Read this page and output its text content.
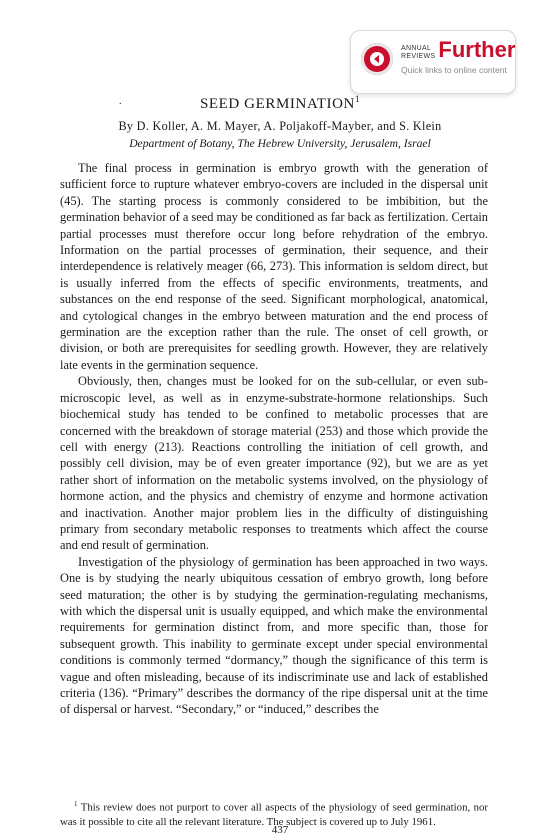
ANNUAL REVIEWS Further
Quick links to online content
.	SEED GERMINATION$^1$
By D. Koller, A. M. Mayer, A. Poljakoff-Mayber, and S. Klein
Department of Botany, The Hebrew University, Jerusalem, Israel

The final process in germination is embryo growth with the generation of sufficient force to rupture whatever embryo-covers are included in the dispersal unit (45). The starting process is commonly considered to be imbibition, but the germination behavior of a seed may be conditioned as far back as fertilization. Certain partial processes must therefore occur long before rehydration of the embryo. Information on the partial processes of germination, their sequence, and their interdependence is relatively meager (66, 273). This information is seldom direct, but is usually inferred from the effects of specific environments, treatments, and substances on the end response of the seed. Significant morphological, anatomical, and cytological changes in the embryo between maturation and the end process of germination are the exception rather than the rule. The onset of cell growth, or division, or both are prerequisites for seedling growth. However, they are relatively late events in the germination sequence.

Obviously, then, changes must be looked for on the sub-cellular, or even sub-microscopic level, as well as in enzyme-substrate-hormone relationships. Such biochemical study has tended to be confined to metabolic processes that are concerned with the breakdown of storage material (253) and those which provide the cell with energy (213). Reactions controlling the initiation of cell growth, and possibly cell division, may be of even greater importance (92), but we are as yet rather short of information on the metabolic systems involved, on the physiology of hormone action, and the physics and chemistry of enzyme and hormone activation and inactivation. Another major problem lies in the difficulty of distinguishing primary from secondary metabolic responses to treatments which affect the course and end result of germination.

Investigation of the physiology of germination has been approached in two ways. One is by studying the nearly ubiquitous cessation of embryo growth, long before seed maturation; the other is by studying the germination-regulating mechanisms, with which the dispersal unit is usually equipped, and which make the environmental requirements for germination distinct from, and more specific than, those for subsequent growth. This inability to germinate except under special environmental conditions is commonly termed “dormancy,” though the significance of this term is vague and often misleading, because of its indiscriminate use and lack of established criteria (136). “Primary” describes the dormancy of the ripe dispersal unit at the time of dispersal or harvest. “Secondary,” or “induced,” describes the

$^1$ This review does not purport to cover all aspects of the physiology of seed germination, nor was it possible to cite all the relevant literature. The subject is covered up to July 1961.
437
